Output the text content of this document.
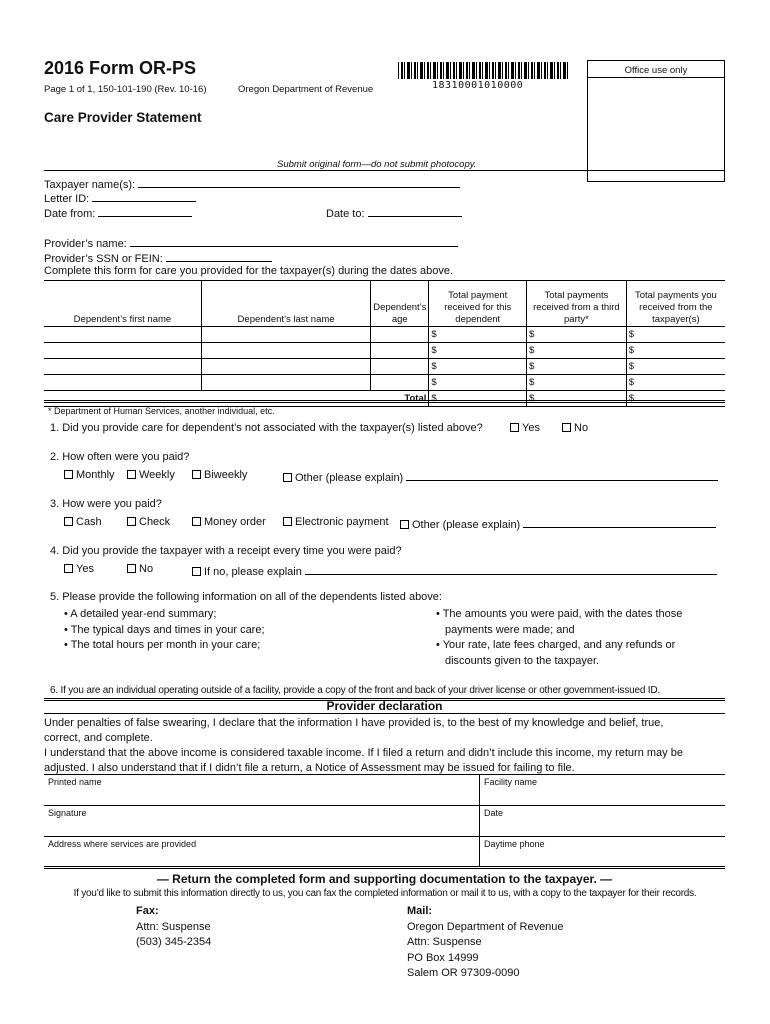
2016 Form OR-PS
Page 1 of 1, 150-101-190 (Rev. 10-16)	Oregon Department of Revenue	18310001010000
Office use only
Care Provider Statement
Submit original form—do not submit photocopy.
Taxpayer name(s):
Letter ID:
Date from:	Date to:
Provider’s name:
Provider’s SSN or FEIN:
Complete this form for care you provided for the taxpayer(s) during the dates above.
Dependent’s first name	Dependent’s last name	Dependent’s age	Total payment received for this dependent	Total payments received from a third party*	Total payments you received from the taxpayer(s)
			$	$	$
			$	$	$
			$	$	$
			$	$	$
Total			$	$	$
* Department of Human Services, another individual, etc.
1. Did you provide care for dependent’s not associated with the taxpayer(s) listed above?	Yes	No
2. How often were you paid?
Monthly	Weekly	Biweekly	Other (please explain)
3. How were you paid?
Cash	Check	Money order	Electronic payment	Other (please explain)
4. Did you provide the taxpayer with a receipt every time you were paid?
Yes	No	If no, please explain
5. Please provide the following information on all of the dependents listed above:
• A detailed year-end summary;
• The typical days and times in your care;
• The total hours per month in your care;
• The amounts you were paid, with the dates those
payments were made; and
• Your rate, late fees charged, and any refunds or
discounts given to the taxpayer.
6. If you are an individual operating outside of a facility, provide a copy of the front and back of your driver license or other government-issued ID.
Provider declaration
Under penalties of false swearing, I declare that the information I have provided is, to the best of my knowledge and belief, true,
correct, and complete.
I understand that the above income is considered taxable income. If I filed a return and didn’t include this income, my return may be
adjusted. I also understand that if I didn’t file a return, a Notice of Assessment may be issued for failing to file.
Printed name	Facility name
Signature	Date
Address where services are provided	Daytime phone
— Return the completed form and supporting documentation to the taxpayer. —
If you’d like to submit this information directly to us, you can fax the completed information or mail it to us, with a copy to the taxpayer for their records.
Fax:
Attn: Suspense
(503) 345-2354
Mail:
Oregon Department of Revenue
Attn: Suspense
PO Box 14999
Salem OR 97309-0090
